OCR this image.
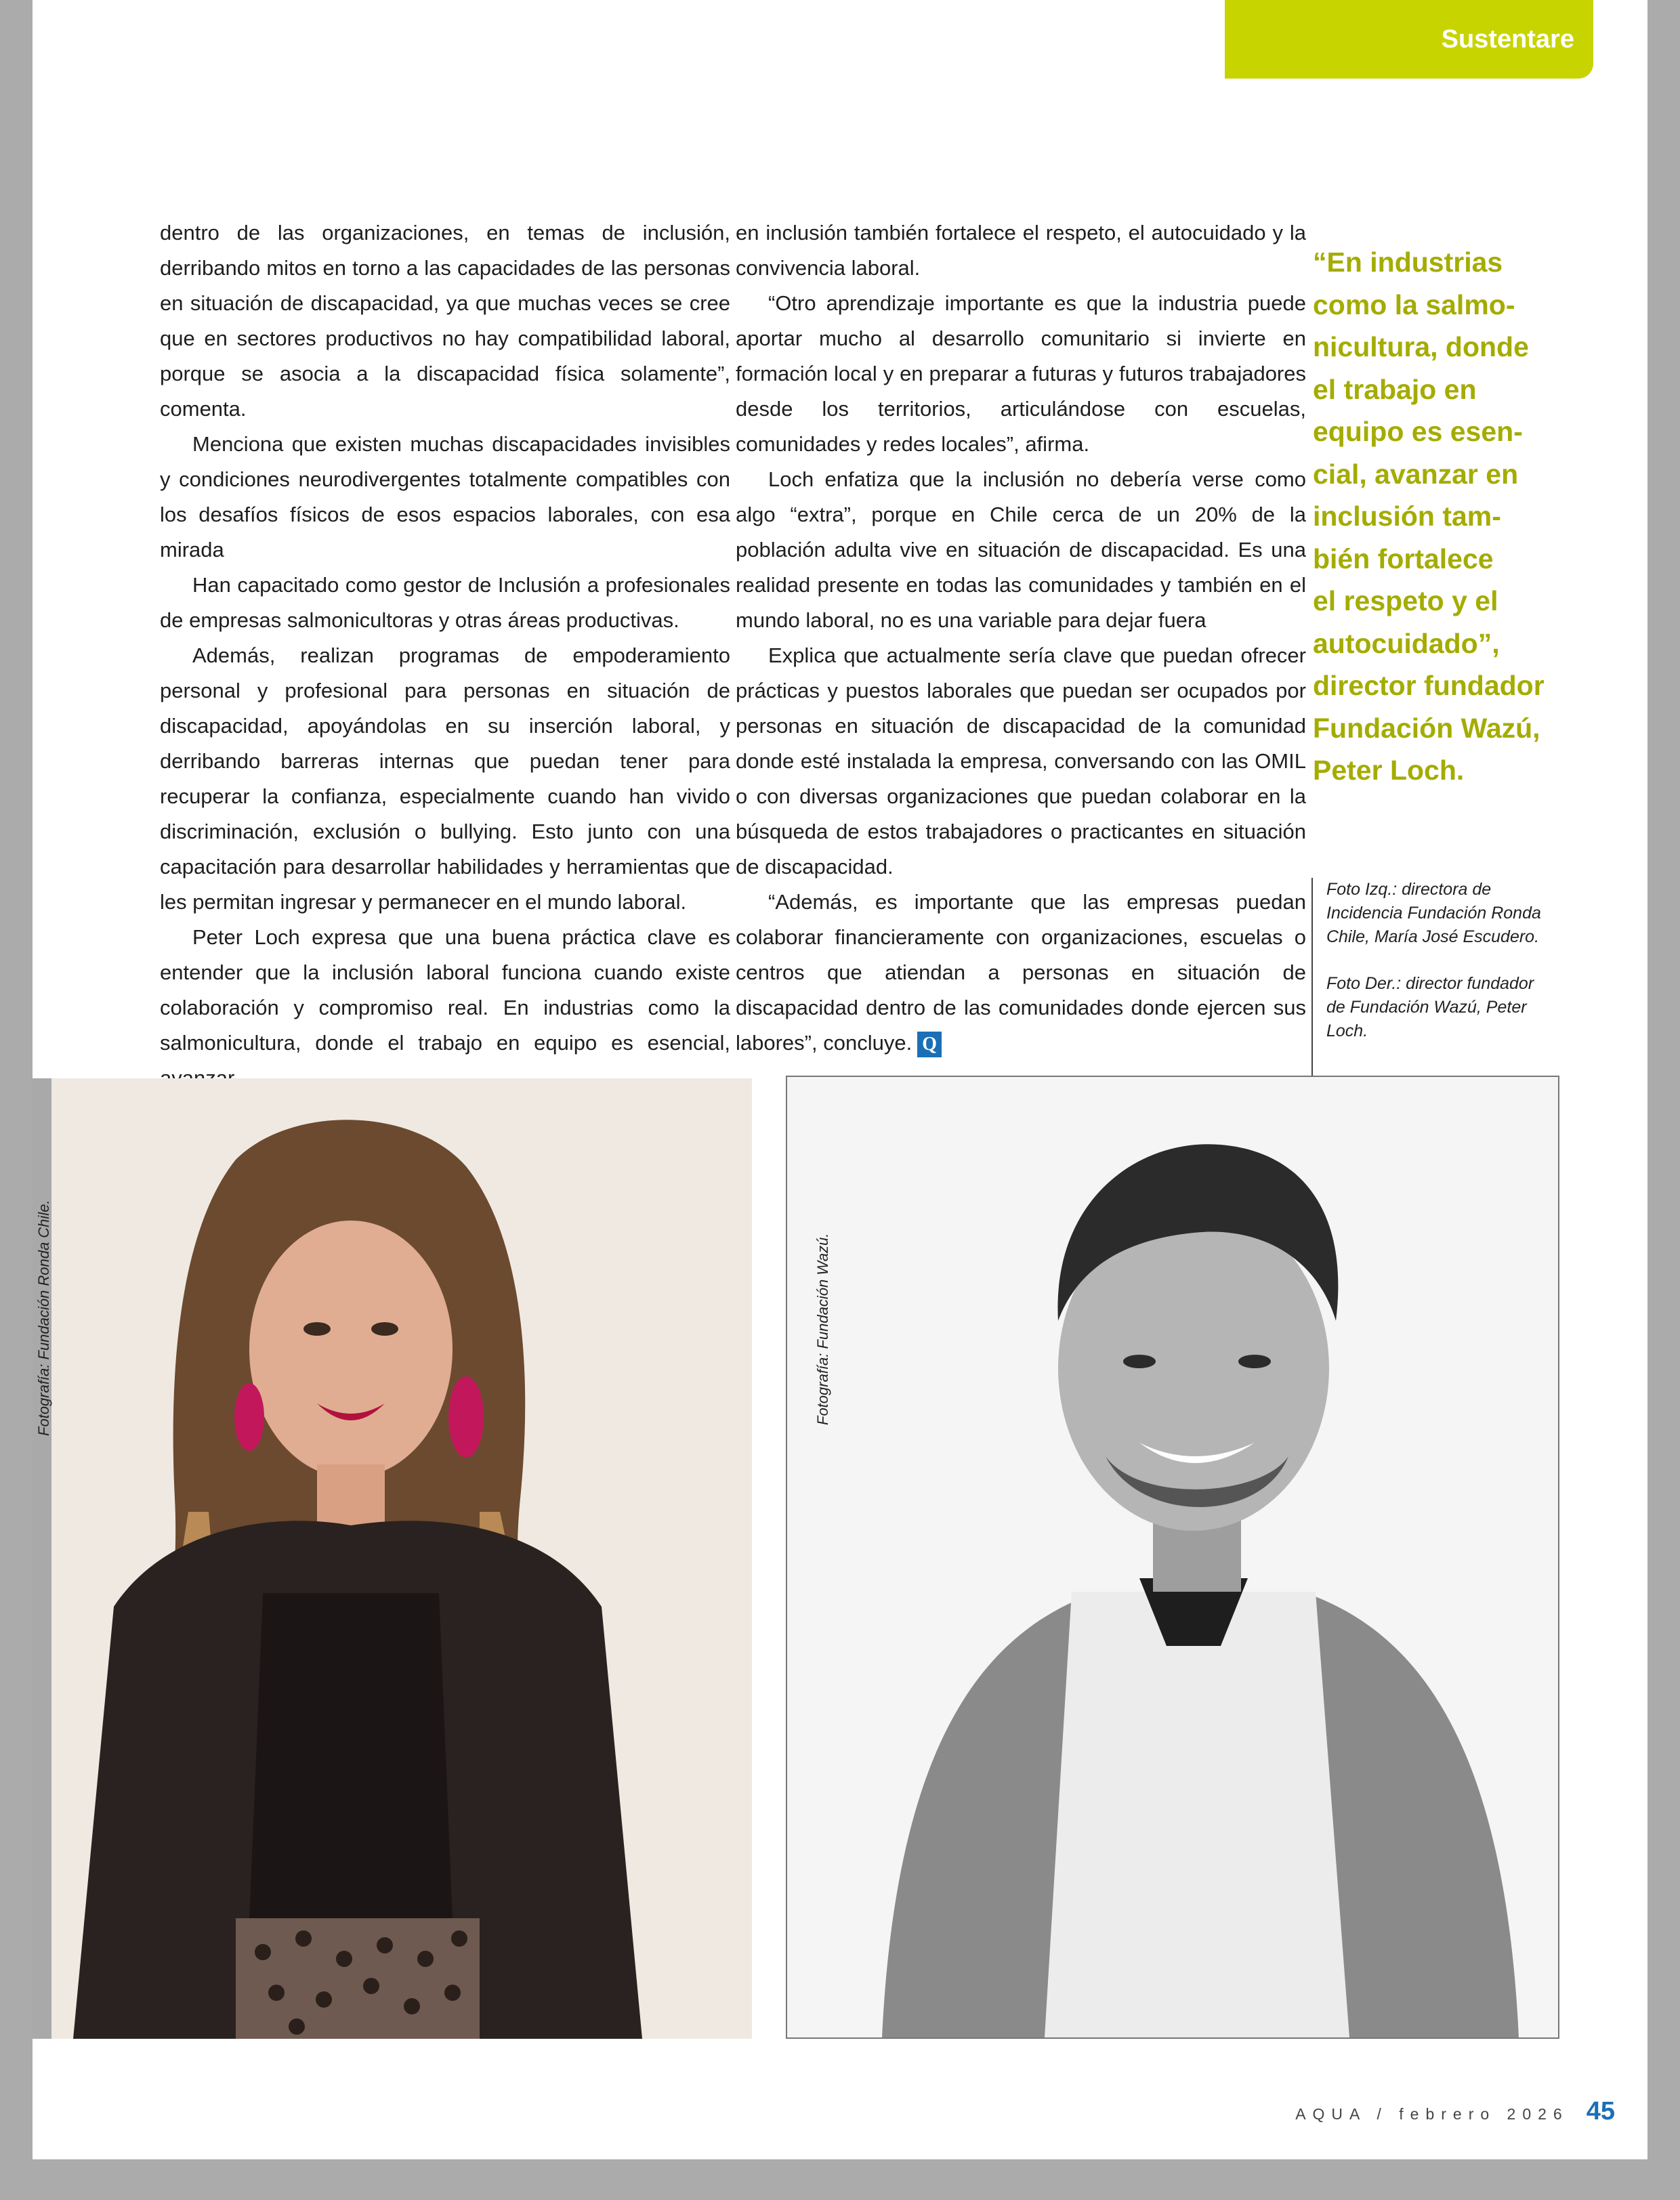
Sustentare

dentro de las organizaciones, en temas de inclusión, derribando mitos en torno a las capacidades de las personas en situación de discapacidad, ya que muchas veces se cree que en sectores productivos no hay compatibilidad laboral, porque se asocia a la discapacidad física solamente”, comenta.

Menciona que existen muchas discapacidades invisibles y condiciones neurodivergentes totalmente compatibles con los desafíos físicos de esos espacios laborales, con esa mirada

Han capacitado como gestor de Inclusión a profesionales de empresas salmonicultoras y otras áreas productivas.

Además, realizan programas de empoderamiento personal y profesional para personas en situación de discapacidad, apoyándolas en su inserción laboral, y derribando barreras internas que puedan tener para recuperar la confianza, especialmente cuando han vivido discriminación, exclusión o bullying. Esto junto con una capacitación para desarrollar habilidades y herramientas que les permitan ingresar y permanecer en el mundo laboral.

Peter Loch expresa que una buena práctica clave es entender que la inclusión laboral funciona cuando existe colaboración y compromiso real. En industrias como la salmonicultura, donde el trabajo en equipo es esencial,

en inclusión también fortalece el respeto, el autocuidado y la convivencia laboral.

“Otro aprendizaje importante es que la industria puede aportar mucho al desarrollo comunitario si invierte en formación local y en preparar a futuras y futuros trabajadores desde los territorios, articulándose con escuelas, comunidades y redes locales”, afirma.

Loch enfatiza que la inclusión no debería verse como algo “extra”, porque en Chile cerca de un 20% de la población adulta vive en situación de discapacidad. Es una realidad presente en todas las comunidades y también en el mundo laboral, no es una variable para dejar fuera

Explica que actualmente sería clave que puedan ofrecer prácticas y puestos laborales que puedan ser ocupados por personas en situación de discapacidad de la comunidad donde esté instalada la empresa, conversando con las OMIL o con diversas organizaciones que puedan colaborar en la búsqueda de estos trabajadores o practicantes en situación de discapacidad.

“Además, es importante que las empresas puedan colaborar financieramente con organizaciones, escuelas o centros que atiendan a personas en situación de discapacidad dentro de las comunidades donde ejercen sus labores”, concluye. Q

“En industrias
como la salmo-
nicultura, donde
el trabajo en
equipo es esen-
cial, avanzar en
inclusión tam-
bién fortalece
el respeto y el
autocuidado”,
director fundador
Fundación Wazú,
Peter Loch.

Foto Izq.: directora de
Incidencia Fundación Ronda
Chile, María José Escudero.

Foto Der.: director fundador
de Fundación Wazú, Peter
Loch.

Fotografía: Fundación Ronda Chile.	Fotografía: Fundación Wazú.
AQUA / febrero 2026 45
